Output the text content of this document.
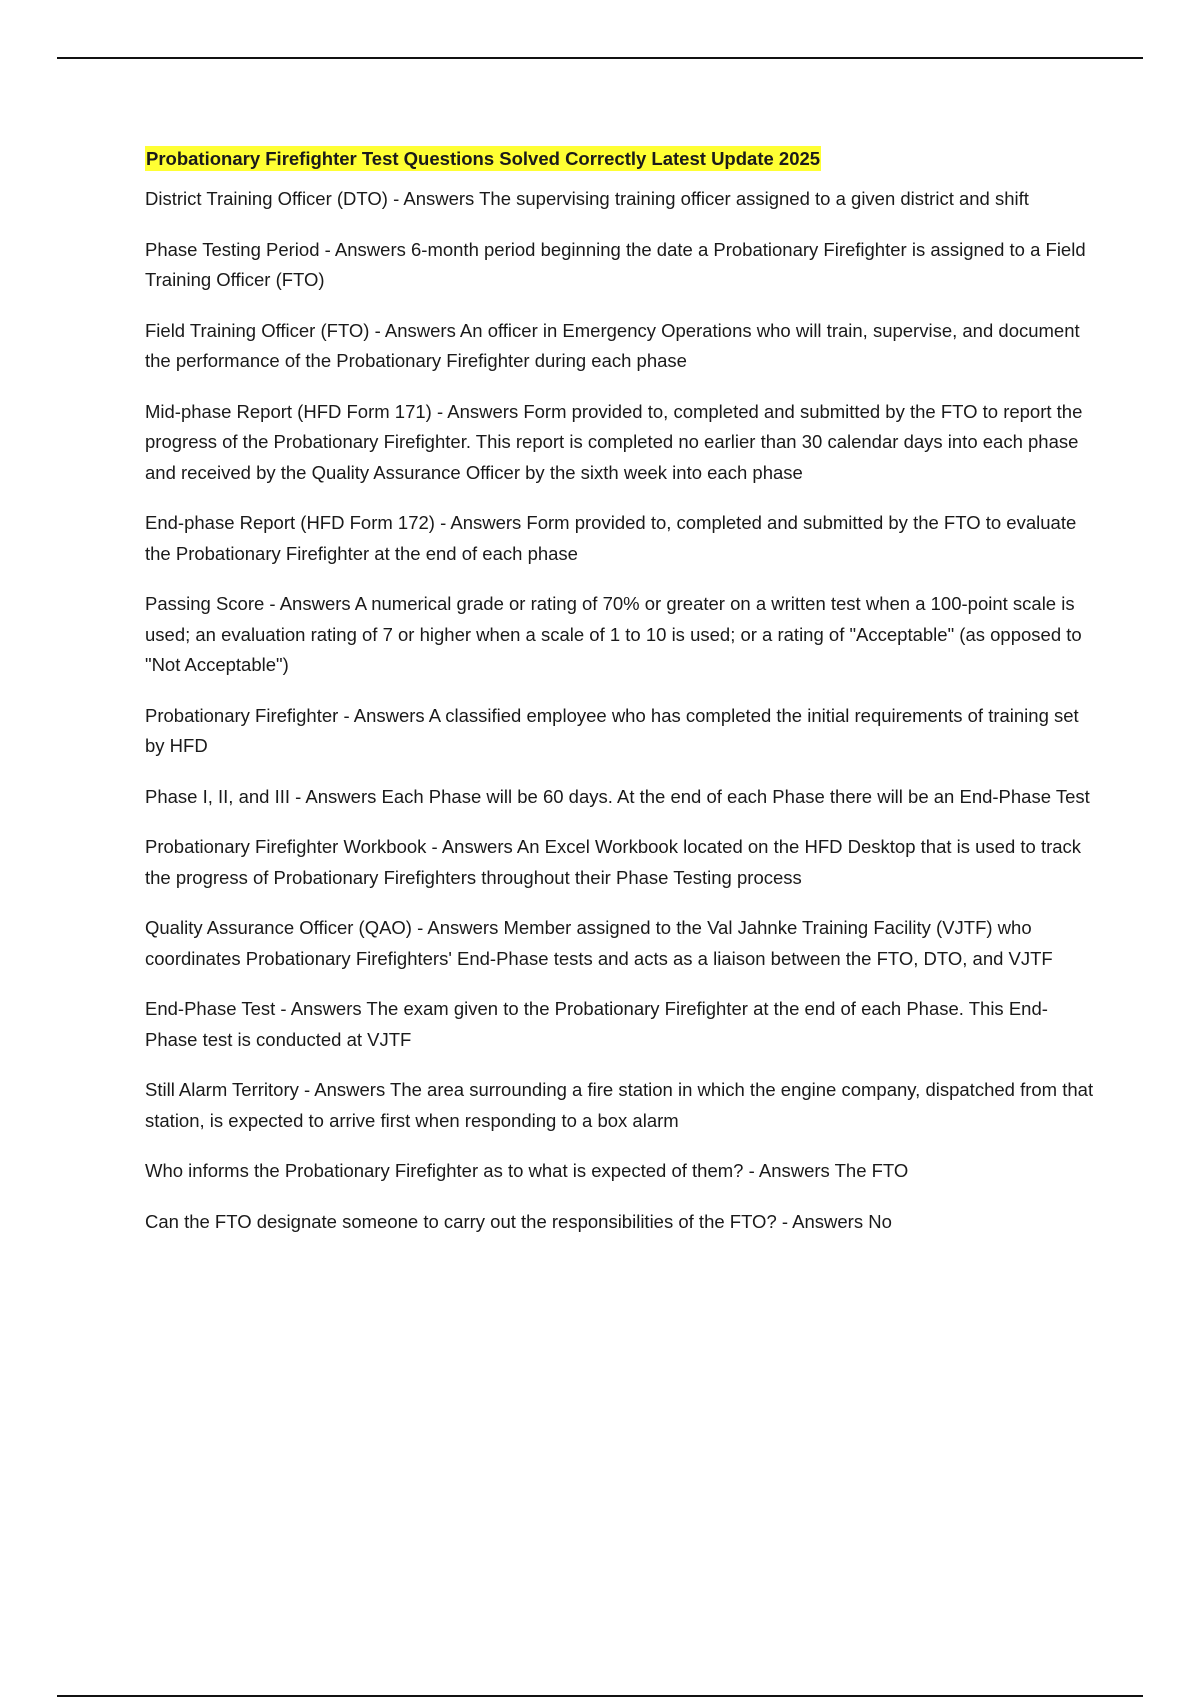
Probationary Firefighter Test Questions Solved Correctly Latest Update 2025

District Training Officer (DTO) - Answers The supervising training officer assigned to a given district and shift

Phase Testing Period - Answers 6-month period beginning the date a Probationary Firefighter is assigned to a Field Training Officer (FTO)

Field Training Officer (FTO) - Answers An officer in Emergency Operations who will train, supervise, and document the performance of the Probationary Firefighter during each phase

Mid-phase Report (HFD Form 171) - Answers Form provided to, completed and submitted by the FTO to report the progress of the Probationary Firefighter. This report is completed no earlier than 30 calendar days into each phase and received by the Quality Assurance Officer by the sixth week into each phase

End-phase Report (HFD Form 172) - Answers Form provided to, completed and submitted by the FTO to evaluate the Probationary Firefighter at the end of each phase

Passing Score - Answers A numerical grade or rating of 70% or greater on a written test when a 100-point scale is used; an evaluation rating of 7 or higher when a scale of 1 to 10 is used; or a rating of "Acceptable" (as opposed to "Not Acceptable")

Probationary Firefighter - Answers A classified employee who has completed the initial requirements of training set by HFD

Phase I, II, and III - Answers Each Phase will be 60 days. At the end of each Phase there will be an End-Phase Test

Probationary Firefighter Workbook - Answers An Excel Workbook located on the HFD Desktop that is used to track the progress of Probationary Firefighters throughout their Phase Testing process

Quality Assurance Officer (QAO) - Answers Member assigned to the Val Jahnke Training Facility (VJTF) who coordinates Probationary Firefighters' End-Phase tests and acts as a liaison between the FTO, DTO, and VJTF

End-Phase Test - Answers The exam given to the Probationary Firefighter at the end of each Phase. This End-Phase test is conducted at VJTF

Still Alarm Territory - Answers The area surrounding a fire station in which the engine company, dispatched from that station, is expected to arrive first when responding to a box alarm

Who informs the Probationary Firefighter as to what is expected of them? - Answers The FTO

Can the FTO designate someone to carry out the responsibilities of the FTO? - Answers No
